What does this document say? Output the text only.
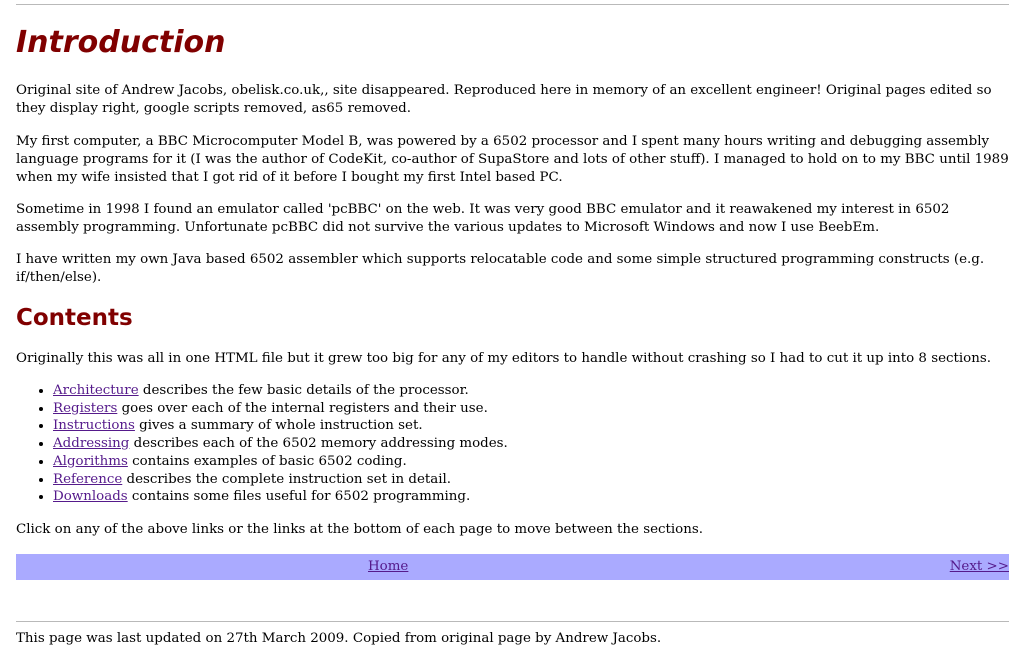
Introduction

Original site of Andrew Jacobs, obelisk.co.uk,, site disappeared. Reproduced here in memory of an excellent engineer! Original pages edited so they display right, google scripts removed, as65 removed.

My first computer, a BBC Microcomputer Model B, was powered by a 6502 processor and I spent many hours writing and debugging assembly language programs for it (I was the author of CodeKit, co-author of SupaStore and lots of other stuff). I managed to hold on to my BBC until 1989 when my wife insisted that I got rid of it before I bought my first Intel based PC.

Sometime in 1998 I found an emulator called 'pcBBC' on the web. It was very good BBC emulator and it reawakened my interest in 6502 assembly programming. Unfortunate pcBBC did not survive the various updates to Microsoft Windows and now I use BeebEm.

I have written my own Java based 6502 assembler which supports relocatable code and some simple structured programming constructs (e.g. if/then/else).

Contents

Originally this was all in one HTML file but it grew too big for any of my editors to handle without crashing so I had to cut it up into 8 sections.

• Architecture describes the few basic details of the processor.
• Registers goes over each of the internal registers and their use.
• Instructions gives a summary of whole instruction set.
• Addressing describes each of the 6502 memory addressing modes.
• Algorithms contains examples of basic 6502 coding.
• Reference describes the complete instruction set in detail.
• Downloads contains some files useful for 6502 programming.

Click on any of the above links or the links at the bottom of each page to move between the sections.

Home	Next >>

This page was last updated on 27th March 2009. Copied from original page by Andrew Jacobs.
